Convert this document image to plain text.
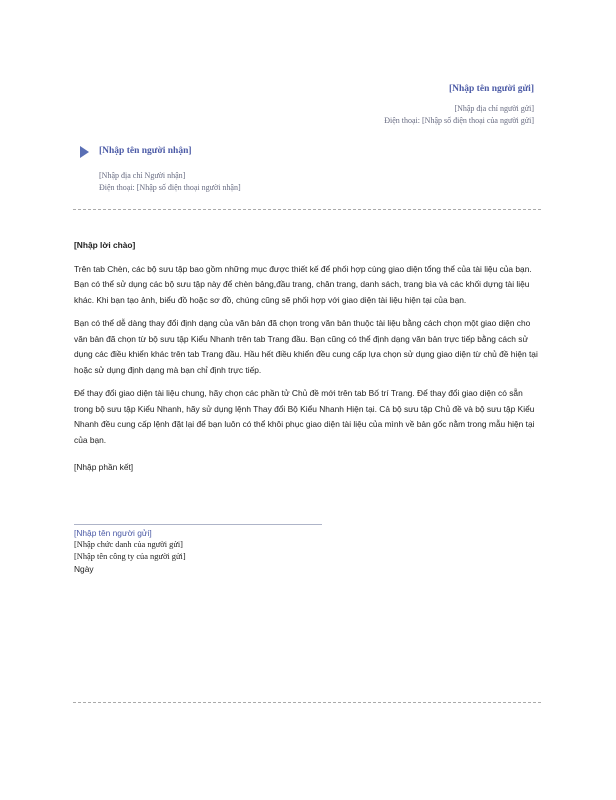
[Nhập tên người gửi]
[Nhập địa chỉ người gửi]
Điện thoại: [Nhập số điện thoại của người gửi]
[Nhập tên người nhận]
[Nhập địa chỉ Người nhận]
Điện thoại: [Nhập số điện thoại người nhận]
[Nhập lời chào]

Trên tab Chèn, các bộ sưu tập bao gồm những mục được thiết kế để phối hợp cùng giao diện tổng thể của tài liệu của bạn. Bạn có thể sử dụng các bộ sưu tập này để chèn bảng,đầu trang, chân trang, danh sách, trang bìa và các khối dựng tài liệu khác. Khi bạn tạo ảnh, biểu đồ hoặc sơ đồ, chúng cũng sẽ phối hợp với giao diện tài liệu hiện tại của bạn.

Bạn có thể dễ dàng thay đổi định dạng của văn bản đã chọn trong văn bản thuộc tài liệu bằng cách chọn một giao diện cho văn bản đã chọn từ bộ sưu tập Kiểu Nhanh trên tab Trang đầu. Bạn cũng có thể định dạng văn bản trực tiếp bằng cách sử dụng các điều khiển khác trên tab Trang đầu. Hầu hết điều khiển đều cung cấp lựa chọn sử dụng giao diện từ chủ đề hiện tại hoặc sử dụng định dạng mà bạn chỉ định trực tiếp.

Để thay đổi giao diện tài liệu chung, hãy chọn các phần tử Chủ đề mới trên tab Bố trí Trang. Để thay đổi giao diện có sẵn trong bộ sưu tập Kiểu Nhanh, hãy sử dụng lệnh Thay đổi Bộ Kiểu Nhanh Hiện tại. Cả bộ sưu tập Chủ đề và bộ sưu tập Kiểu Nhanh đều cung cấp lệnh đặt lại để bạn luôn có thể khôi phục giao diện tài liệu của mình về bản gốc nằm trong mẫu hiện tại của bạn.

[Nhập phần kết]
[Nhập tên người gửi]
[Nhập chức danh của người gửi]
[Nhập tên công ty của người gửi]
Ngày
